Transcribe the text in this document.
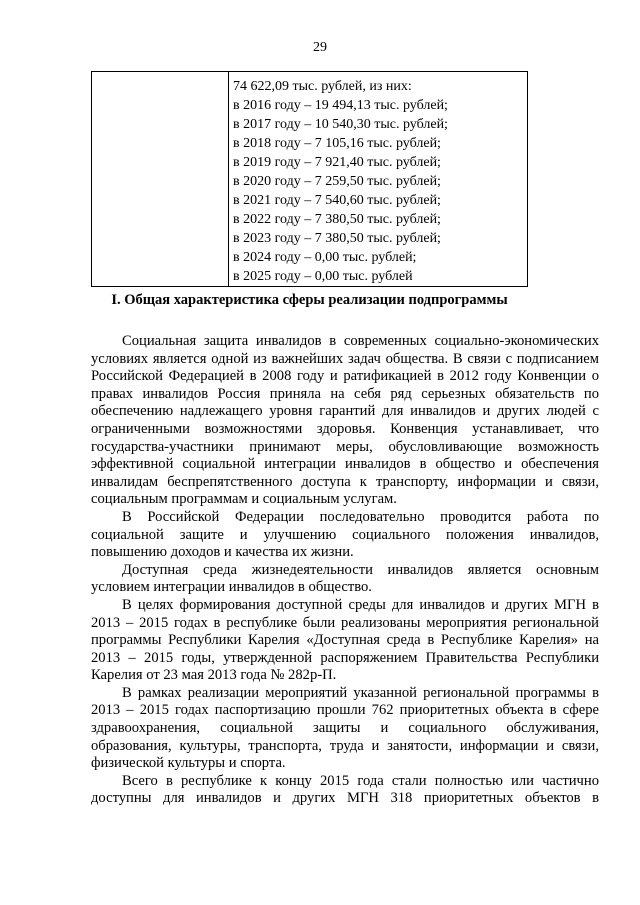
29

74 622,09 тыс. рублей, из них:
в 2016 году – 19 494,13 тыс. рублей;
в 2017 году – 10 540,30 тыс. рублей;
в 2018 году – 7 105,16 тыс. рублей;
в 2019 году – 7 921,40 тыс. рублей;
в 2020 году – 7 259,50 тыс. рублей;
в 2021 году – 7 540,60 тыс. рублей;
в 2022 году – 7 380,50 тыс. рублей;
в 2023 году – 7 380,50 тыс. рублей;
в 2024 году – 0,00 тыс. рублей;
в 2025 году – 0,00 тыс. рублей
I. Общая характеристика сферы реализации подпрограммы

Социальная защита инвалидов в современных социально-экономических условиях является одной из важнейших задач общества. В связи с подписанием Российской Федерацией в 2008 году и ратификацией в 2012 году Конвенции о правах инвалидов Россия приняла на себя ряд серьезных обязательств по обеспечению надлежащего уровня гарантий для инвалидов и других людей с ограниченными возможностями здоровья. Конвенция устанавливает, что государства-участники принимают меры, обусловливающие возможность эффективной социальной интеграции инвалидов в общество и обеспечения инвалидам беспрепятственного доступа к транспорту, информации и связи, социальным программам и социальным услугам.

В Российской Федерации последовательно проводится работа по социальной защите и улучшению социального положения инвалидов, повышению доходов и качества их жизни.

Доступная среда жизнедеятельности инвалидов является основным условием интеграции инвалидов в общество.

В целях формирования доступной среды для инвалидов и других МГН в 2013 – 2015 годах в республике были реализованы мероприятия региональной программы Республики Карелия «Доступная среда в Республике Карелия» на 2013 – 2015 годы, утвержденной распоряжением Правительства Республики Карелия от 23 мая 2013 года № 282р-П.

В рамках реализации мероприятий указанной региональной программы в 2013 – 2015 годах паспортизацию прошли 762 приоритетных объекта в сфере здравоохранения, социальной защиты и социального обслуживания, образования, культуры, транспорта, труда и занятости, информации и связи, физической культуры и спорта.

Всего в республике к концу 2015 года стали полностью или частично доступны для инвалидов и других МГН 318 приоритетных объектов в
